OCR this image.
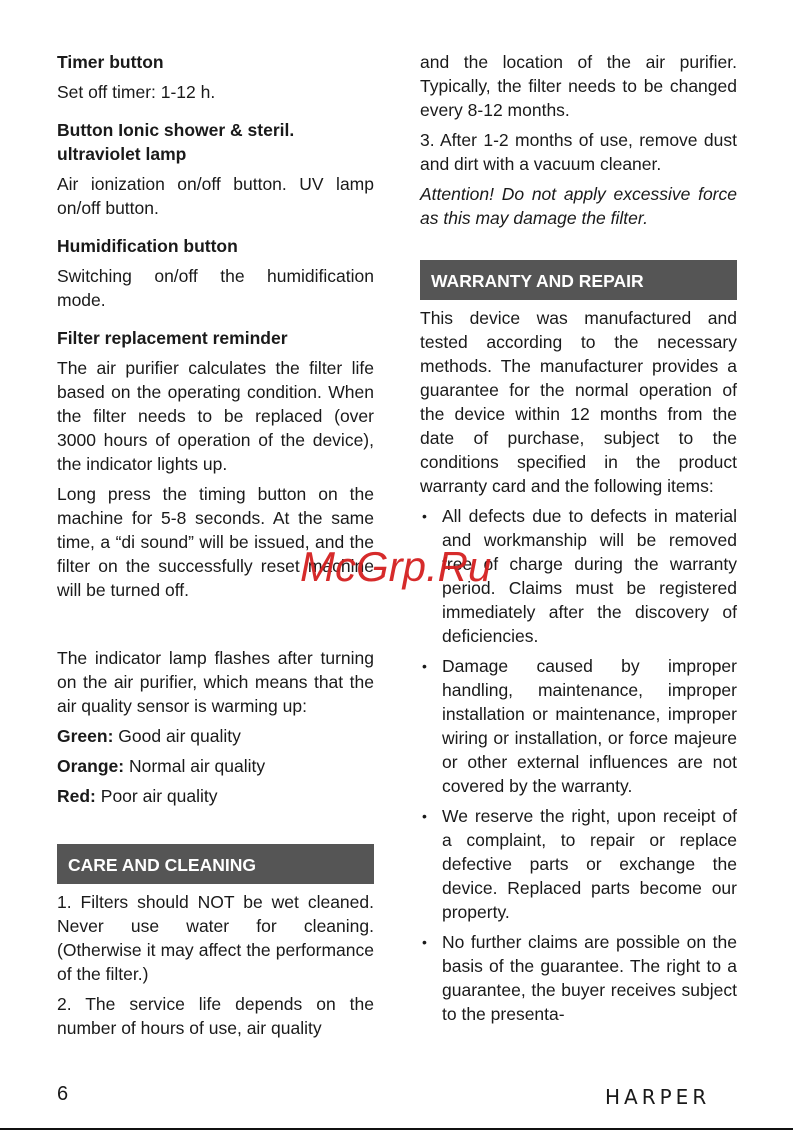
Timer button

Set off timer: 1-12 h.

Button Ionic shower & steril. ultraviolet lamp

Air ionization on/off button. UV lamp on/off button.

Humidification button

Switching on/off the humidification mode.

Filter replacement reminder

The air purifier calculates the filter life based on the operating condition. When the filter needs to be replaced (over 3000 hours of operation of the device), the indicator lights up.

Long press the timing button on the machine for 5-8 seconds. At the same time, a “di sound” will be issued, and the filter on the successfully reset machine will be turned off.

The indicator lamp flashes after turning on the air purifier, which means that the air quality sensor is warming up:

Green: Good air quality
Orange: Normal air quality
Red: Poor air quality
CARE AND CLEANING

1. Filters should NOT be wet cleaned. Never use water for cleaning. (Otherwise it may affect the performance of the filter.)

2. The service life depends on the number of hours of use, air quality

and the location of the air purifier. Typically, the filter needs to be changed every 8-12 months.

3. After 1-2 months of use, remove dust and dirt with a vacuum cleaner.

Attention! Do not apply excessive force as this may damage the filter.

WARRANTY AND REPAIR

This device was manufactured and tested according to the necessary methods. The manufacturer provides a guarantee for the normal operation of the device within 12 months from the date of purchase, subject to the conditions specified in the product warranty card and the following items:

• All defects due to defects in material and workmanship will be removed free of charge during the warranty period. Claims must be registered immediately after the discovery of deficiencies.
• Damage caused by improper handling, maintenance, improper installation or maintenance, improper wiring or installation, or force majeure or other external influences are not covered by the warranty.
• We reserve the right, upon receipt of a complaint, to repair or replace defective parts or exchange the device. Replaced parts become our property.
• No further claims are possible on the basis of the guarantee. The right to a guarantee, the buyer receives subject to the presenta-
McGrp.Ru
6	HARPER
